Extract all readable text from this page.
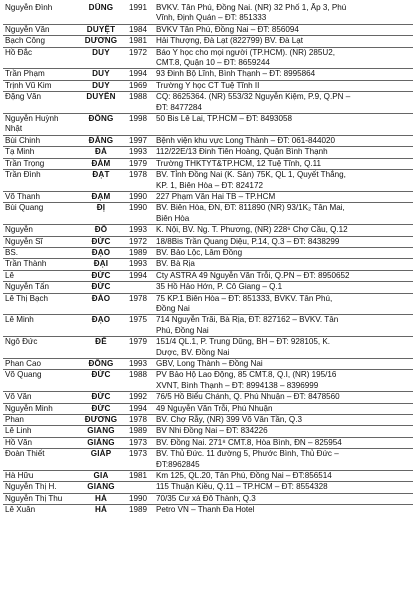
Nguyễn Đình	DŨNG	1991	BVKV. Tân Phú, Đồng Nai. (NR) 32 Phố 1, Ấp 3, Phú
Vĩnh, Định Quán – ĐT: 851333
Nguyễn Văn	DUYỆT	1984	BVKV Tân Phú, Đồng Nai – ĐT: 856094
Bạch Công	DƯƠNG	1981	Hải Thượng, Đà Lạt (822799) BV. Đà Lạt
Hồ Đắc	DUY	1972	Báo Y học cho mọi người (TP.HCM). (NR) 285U2,
CMT.8, Quận 10 – ĐT: 8659244
Trần Phạm	DUY	1994	93 Đinh Bộ Lĩnh, Bình Thạnh – ĐT: 8995864
Trịnh Vũ Kim	DUY	1969	Trường Y học CT Tuệ Tĩnh II
Đặng Văn	DUYÊN	1988	CQ: 8625364. (NR) 553/32 Nguyễn Kiệm, P.9, Q.PN –
ĐT: 8477284
Nguyễn Huỳnh Nhật	ĐÔNG	1998	50 Bis Lê Lai, TP.HCM – ĐT: 8493058
Bùi Chinh	ĐĂNG	1997	Bệnh viện khu vực Long Thành – ĐT: 061-844020
Tạ Minh	ĐÀ	1993	112/22E/13 Đinh Tiên Hoàng, Quận Bình Thạnh
Trần Trọng	ĐÀM	1979	Trường THKTYT&TP.HCM, 12 Tuệ Tĩnh, Q.11
Trần Đình	ĐẠT	1978	BV. Tỉnh Đồng Nai (K. Sản) 75K, QL 1, Quyết Thắng,
KP. 1, Biên Hòa – ĐT: 824172
Võ Thanh	ĐẠM	1990	227 Phạm Văn Hai TB – TP.HCM
Bùi Quang	ĐỊ	1990	BV. Biên Hòa, ĐN, ĐT: 811890 (NR) 93/1K₂ Tân Mai,
Biên Hòa
Nguyễn	ĐÔ	1993	K. Nội, BV. Ng. T. Phương, (NR) 228⁶ Chợ Cầu, Q.12
Nguyễn Sĩ	ĐỨC	1972	18/8Bis Trần Quang Diệu, P.14, Q.3 – ĐT: 8438299
BS.	ĐẠO	1989	BV. Bảo Lộc, Lâm Đồng
Trần Thành	ĐẠI	1993	BV. Bà Rịa
Lê	ĐỨC	1994	Cty ASTRA 49 Nguyễn Văn Trỗi, Q.PN – ĐT: 8950652
Nguyễn Tấn	ĐỨC		35 Hồ Hảo Hớn, P. Cô Giang – Q.1
Lê Thị Bạch	ĐÀO	1978	75 KP.1 Biên Hòa – ĐT: 851333, BVKV. Tân Phú,
Đồng Nai
Lê Minh	ĐẠO	1975	714 Nguyễn Trãi, Bà Rịa, ĐT: 827162 – BVKV. Tân
Phú, Đồng Nai
Ngô Đức	ĐỂ	1979	151/4 QL.1, P. Trung Dũng, BH – ĐT: 928105, K.
Dược, BV. Đồng Nai
Phan Cao	ĐỒNG	1993	GBV, Long Thành – Đồng Nai
Võ Quang	ĐỨC	1988	PV Bảo Hộ Lao Động, 85 CMT.8, Q.I, (NR) 195/16
XVNT, Bình Thạnh – ĐT: 8994138 – 8396999
Võ Văn	ĐỨC	1992	76/5 Hồ Biểu Chánh, Q. Phú Nhuận – ĐT: 8478560
Nguyễn Minh	ĐỨC	1994	49 Nguyễn Văn Trỗi, Phú Nhuận
Phan	ĐƯƠNG	1978	BV. Chợ Rẫy, (NR) 399 Võ Văn Tần, Q.3
Lê Linh	GIANG	1989	BV Nhi Đồng Nai – ĐT: 834226
Hồ Văn	GIÀNG	1973	BV. Đồng Nai. 271⁸ CMT.8, Hòa Bình, ĐN – 825954
Đoàn Thiết	GIÁP	1973	BV. Thủ Đức. 11 đường 5, Phước Bình, Thủ Đức –
ĐT:8962845
Hà Hữu	GIA	1981	Km 125, QL.20, Tân Phú, Đồng Nai – ĐT:856514
Nguyễn Thị H.	GIANG		115 Thuận Kiều, Q.11 – TP.HCM – ĐT: 8554328
Nguyễn Thị Thu	HÀ	1990	70/35 Cư xá Đô Thành, Q.3
Lê Xuân	HÀ	1989	Petro VN – Thanh Đa Hotel
